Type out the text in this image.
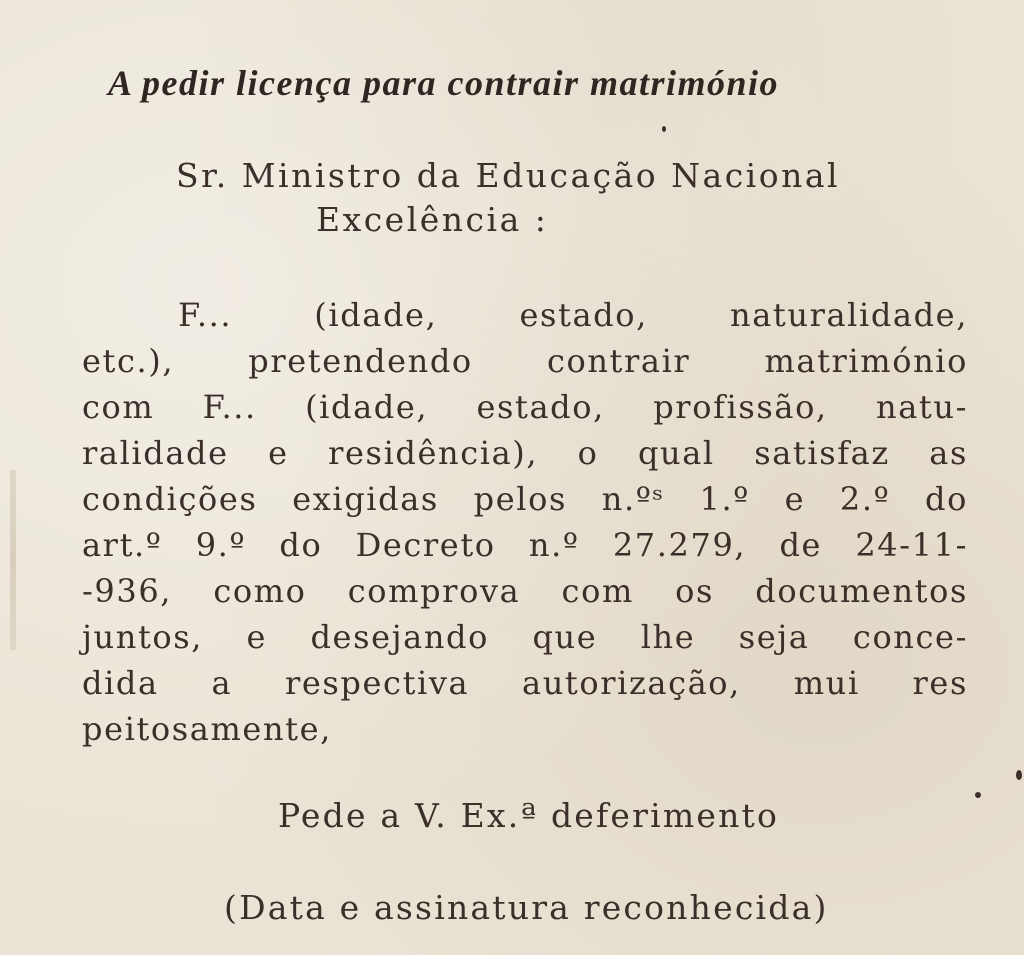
A pedir licença para contrair matrimónio
Sr. Ministro da Educação Nacional
Excelência :
F... (idade, estado, naturalidade,
etc.), pretendendo contrair matrimónio
com F... (idade, estado, profissão, natu-
ralidade e residência), o qual satisfaz as
condições exigidas pelos n.ºˢ 1.º e 2.º do
art.º 9.º do Decreto n.º 27.279, de 24-11-
-936, como comprova com os documentos
juntos, e desejando que lhe seja conce-
dida a respectiva autorização, mui res
peitosamente,
Pede a V. Ex.ª deferimento
(Data e assinatura reconhecida)
